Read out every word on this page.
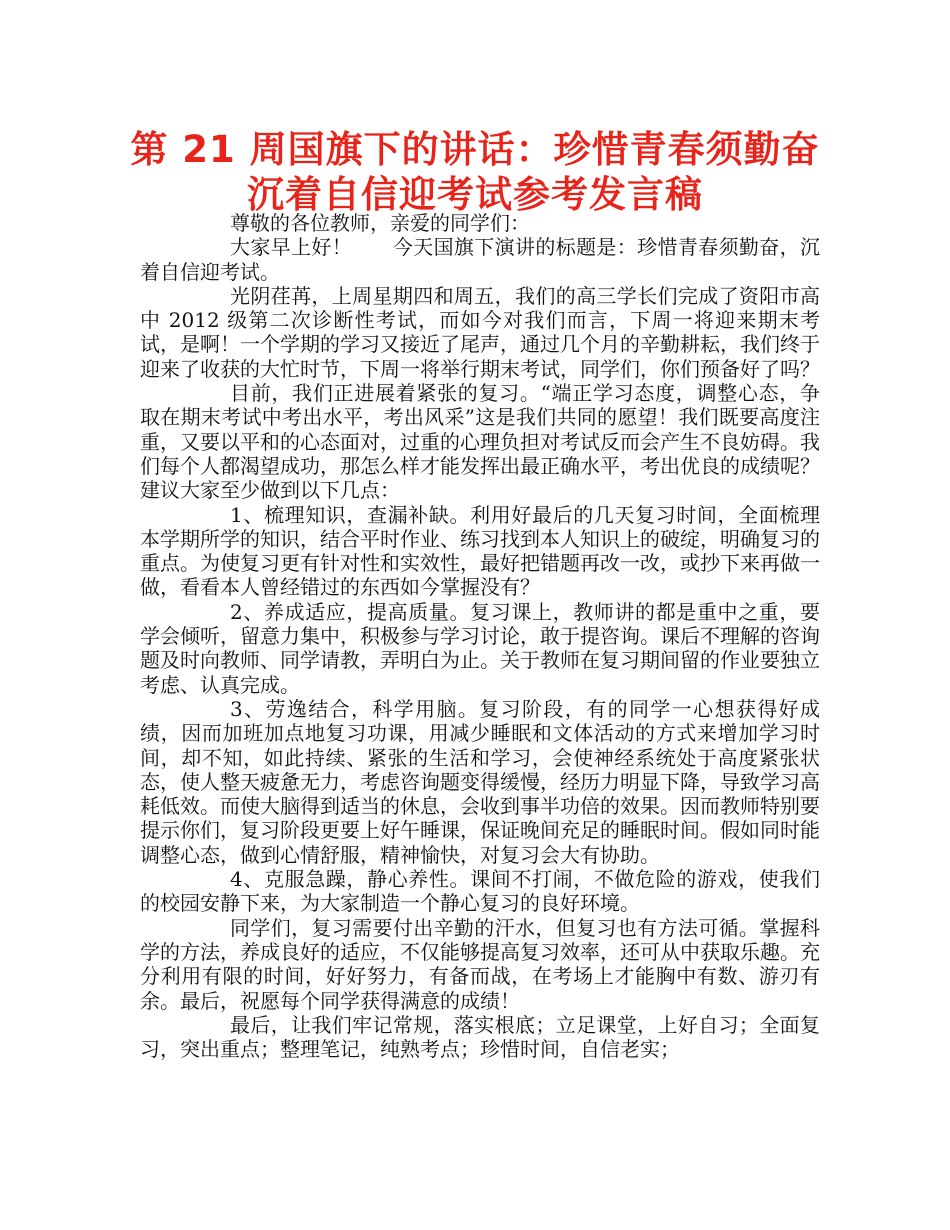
第 21 周国旗下的讲话：珍惜青春须勤奋
沉着自信迎考试参考发言稿

尊敬的各位教师，亲爱的同学们：

大家早上好！　　今天国旗下演讲的标题是：珍惜青春须勤奋，沉着自信迎考试。

光阴荏苒，上周星期四和周五，我们的高三学长们完成了资阳市高中 2012 级第二次诊断性考试，而如今对我们而言，下周一将迎来期末考试，是啊！一个学期的学习又接近了尾声，通过几个月的辛勤耕耘，我们终于迎来了收获的大忙时节，下周一将举行期末考试，同学们，你们预备好了吗？

目前，我们正进展着紧张的复习。“端正学习态度，调整心态，争取在期末考试中考出水平，考出风采”这是我们共同的愿望！我们既要高度注重，又要以平和的心态面对，过重的心理负担对考试反而会产生不良妨碍。我们每个人都渴望成功，那怎么样才能发挥出最正确水平，考出优良的成绩呢？建议大家至少做到以下几点：

1、梳理知识，查漏补缺。利用好最后的几天复习时间，全面梳理本学期所学的知识，结合平时作业、练习找到本人知识上的破绽，明确复习的重点。为使复习更有针对性和实效性，最好把错题再改一改，或抄下来再做一做，看看本人曾经错过的东西如今掌握没有？

2、养成适应，提高质量。复习课上，教师讲的都是重中之重，要学会倾听，留意力集中，积极参与学习讨论，敢于提咨询。课后不理解的咨询题及时向教师、同学请教，弄明白为止。关于教师在复习期间留的作业要独立考虑、认真完成。

3、劳逸结合，科学用脑。复习阶段，有的同学一心想获得好成绩，因而加班加点地复习功课，用减少睡眠和文体活动的方式来增加学习时间，却不知，如此持续、紧张的生活和学习，会使神经系统处于高度紧张状态，使人整天疲惫无力，考虑咨询题变得缓慢，经历力明显下降，导致学习高耗低效。而使大脑得到适当的休息，会收到事半功倍的效果。因而教师特别要提示你们，复习阶段更要上好午睡课，保证晚间充足的睡眠时间。假如同时能调整心态，做到心情舒服，精神愉快，对复习会大有协助。

4、克服急躁，静心养性。课间不打闹，不做危险的游戏，使我们的校园安静下来，为大家制造一个静心复习的良好环境。

同学们，复习需要付出辛勤的汗水，但复习也有方法可循。掌握科学的方法，养成良好的适应，不仅能够提高复习效率，还可从中获取乐趣。充分利用有限的时间，好好努力，有备而战，在考场上才能胸中有数、游刃有余。最后，祝愿每个同学获得满意的成绩！

最后，让我们牢记常规，落实根底；立足课堂，上好自习；全面复习，突出重点；整理笔记，纯熟考点；珍惜时间，自信老实；
